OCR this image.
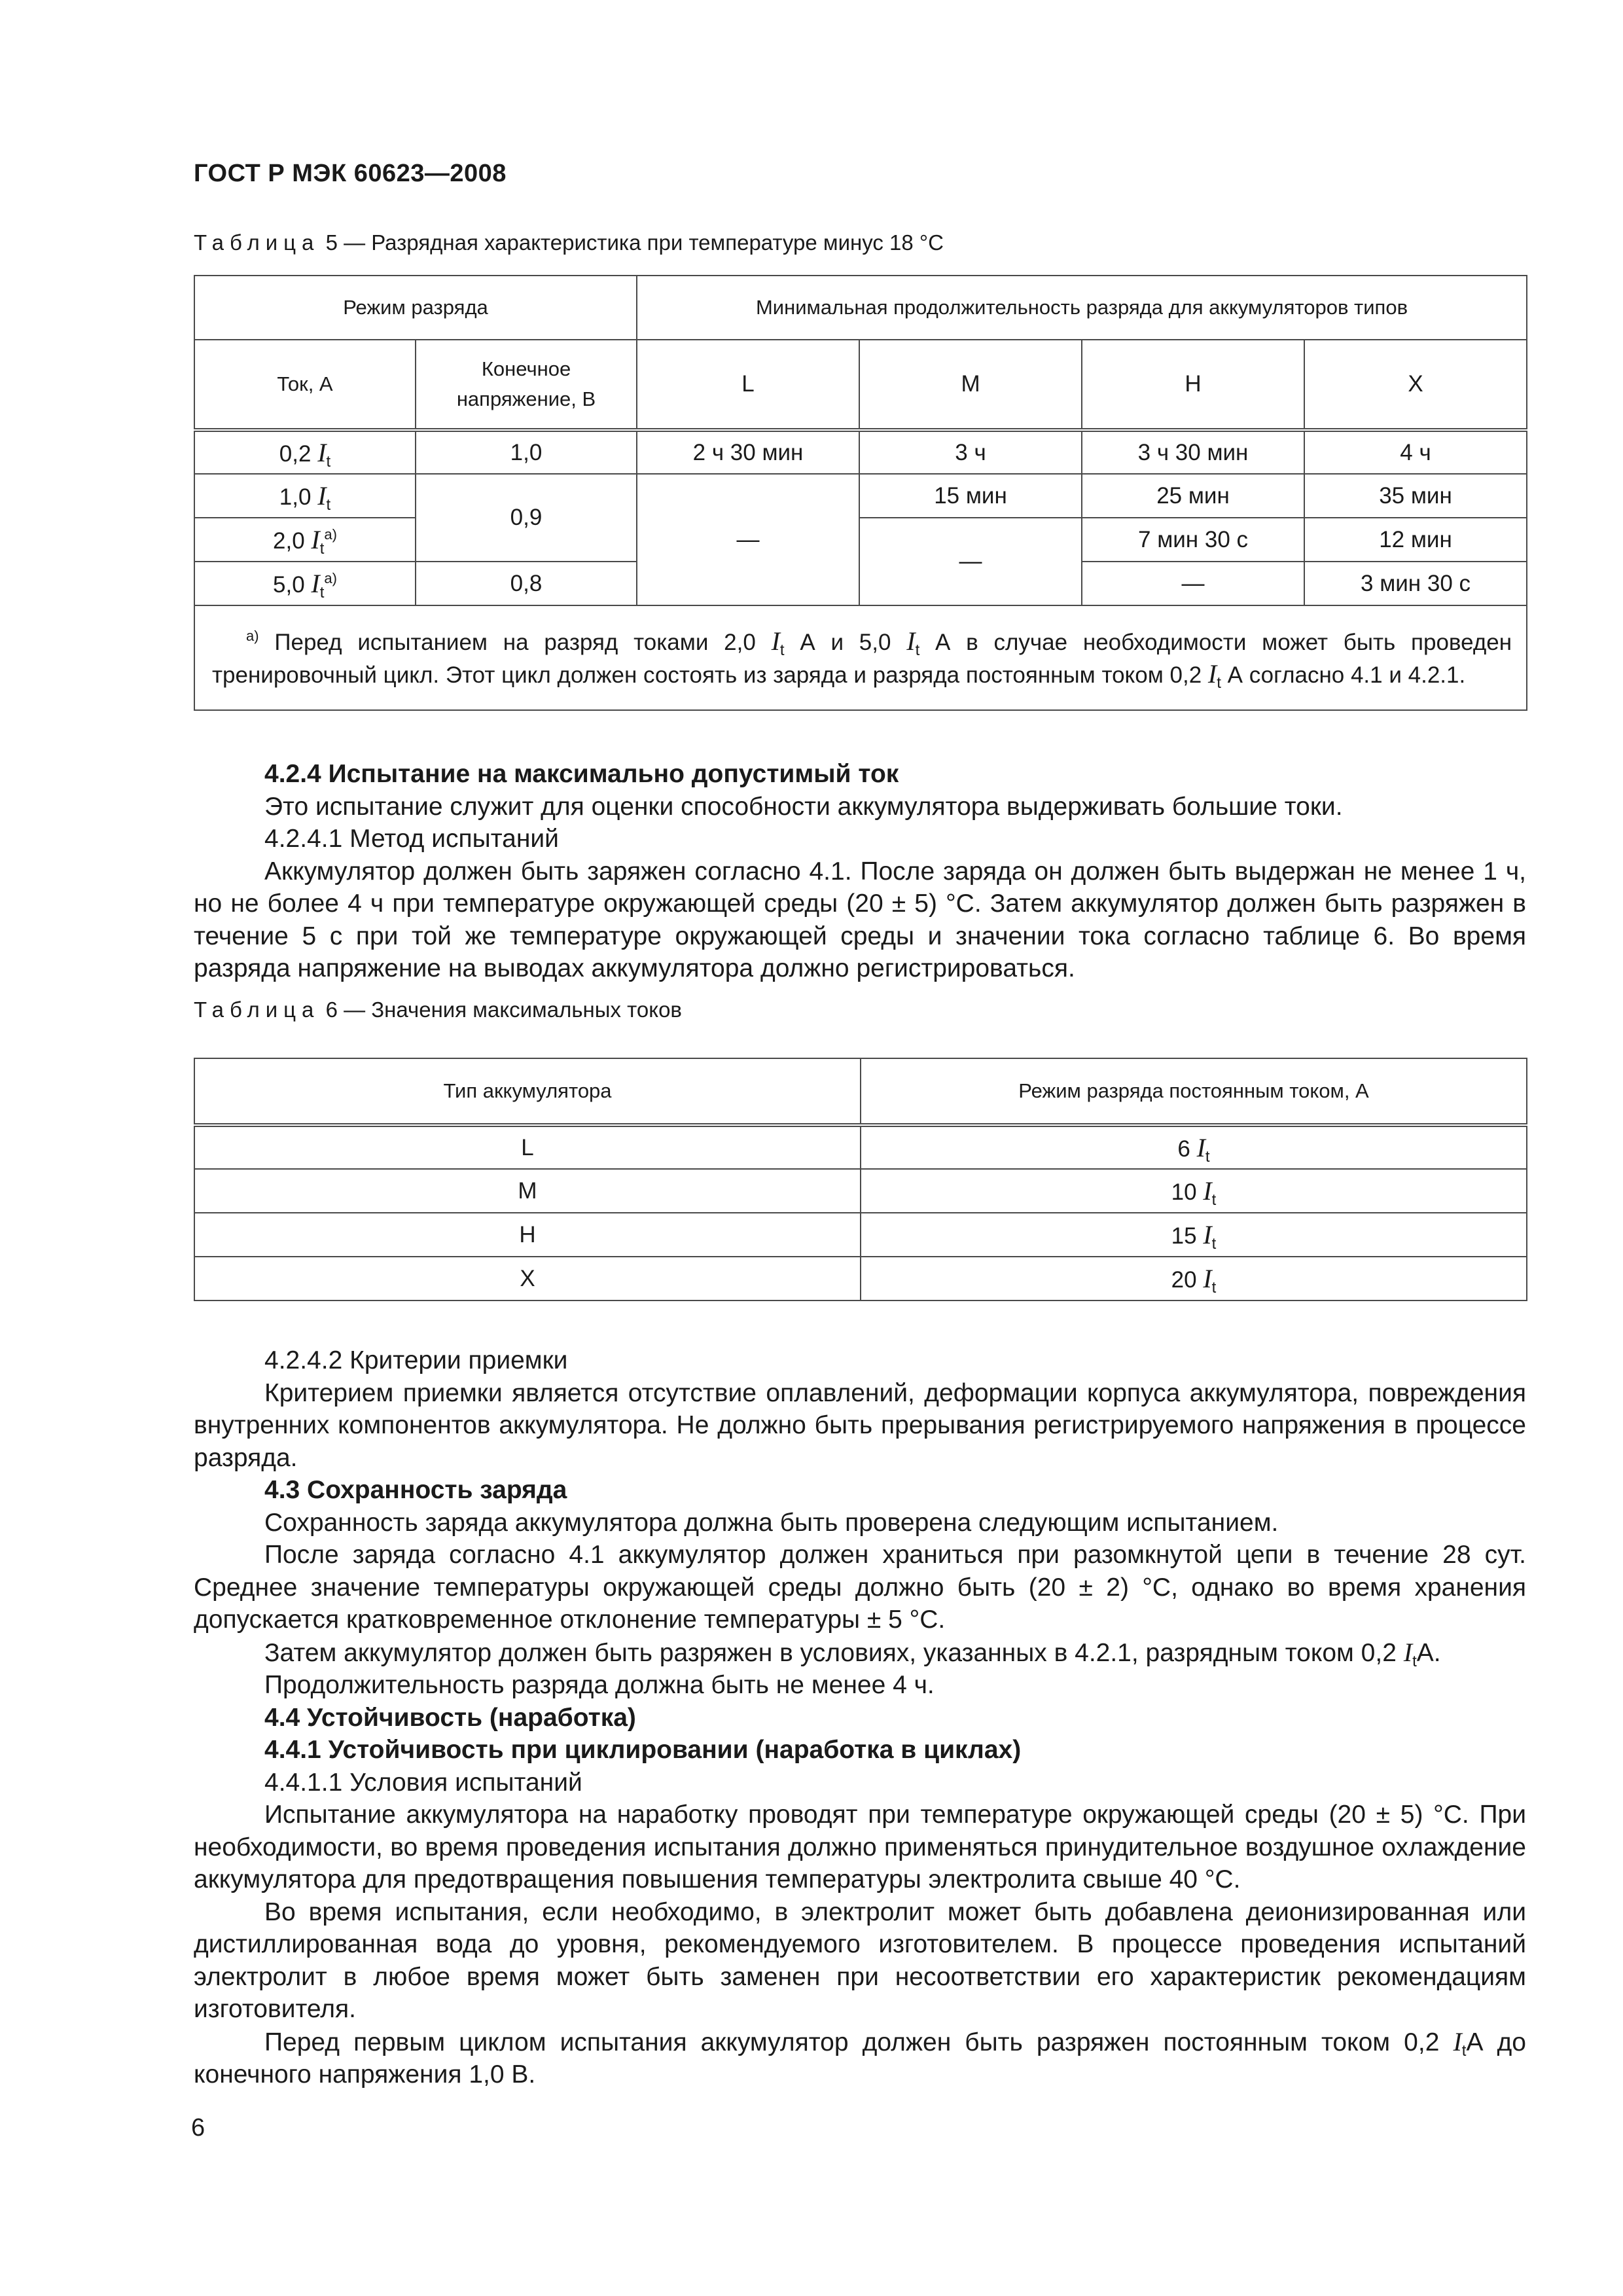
ГОСТ Р МЭК 60623—2008
Таблица 5 — Разрядная характеристика при температуре минус 18 °С
Режим разряда		Минимальная продолжительность разряда для аккумуляторов типов			
Ток, А	Конечное напряжение, В	L	M	H	X
0,2 $I_t$	1,0	2 ч 30 мин	3 ч	3 ч 30 мин	4 ч
1,0 $I_t$	0,9	—	15 мин	25 мин	35 мин
2,0 $I_t^{а)}$			—	7 мин 30 с	12 мин
5,0 $I_t^{а)}$	0,8			—	3 мин 30 с
$^{а)}$ Перед испытанием на разряд токами 2,0 $I_t$ А и 5,0 $I_t$ А в случае необходимости может быть проведен тренировочный цикл. Этот цикл должен состоять из заряда и разряда постоянным током 0,2 $I_t$ А согласно 4.1 и 4.2.1.					

4.2.4 Испытание на максимально допустимый ток

Это испытание служит для оценки способности аккумулятора выдерживать большие токи.

4.2.4.1 Метод испытаний

Аккумулятор должен быть заряжен согласно 4.1. После заряда он должен быть выдержан не менее 1 ч, но не более 4 ч при температуре окружающей среды (20 ± 5) °С. Затем аккумулятор должен быть разряжен в течение 5 с при той же температуре окружающей среды и значении тока согласно таблице 6. Во время разряда напряжение на выводах аккумулятора должно регистрироваться.

Таблица 6 — Значения максимальных токов
Тип аккумулятора	Режим разряда постоянным током, А
L	6 $I_t$
M	10 $I_t$
H	15 $I_t$
X	20 $I_t$

4.2.4.2 Критерии приемки

Критерием приемки является отсутствие оплавлений, деформации корпуса аккумулятора, повреждения внутренних компонентов аккумулятора. Не должно быть прерывания регистрируемого напряжения в процессе разряда.

4.3 Сохранность заряда

Сохранность заряда аккумулятора должна быть проверена следующим испытанием.

После заряда согласно 4.1 аккумулятор должен храниться при разомкнутой цепи в течение 28 сут. Среднее значение температуры окружающей среды должно быть (20 ± 2) °С, однако во время хранения допускается кратковременное отклонение температуры ± 5 °С.

Затем аккумулятор должен быть разряжен в условиях, указанных в 4.2.1, разрядным током 0,2 $I_tА$.

Продолжительность разряда должна быть не менее 4 ч.

4.4 Устойчивость (наработка)

4.4.1 Устойчивость при циклировании (наработка в циклах)

4.4.1.1 Условия испытаний

Испытание аккумулятора на наработку проводят при температуре окружающей среды (20 ± 5) °С. При необходимости, во время проведения испытания должно применяться принудительное воздушное охлаждение аккумулятора для предотвращения повышения температуры электролита свыше 40 °С.

Во время испытания, если необходимо, в электролит может быть добавлена деионизированная или дистиллированная вода до уровня, рекомендуемого изготовителем. В процессе проведения испытаний электролит в любое время может быть заменен при несоответствии его характеристик рекомендациям изготовителя.

Перед первым циклом испытания аккумулятор должен быть разряжен постоянным током 0,2 $I_tА$ до конечного напряжения 1,0 В.

6
